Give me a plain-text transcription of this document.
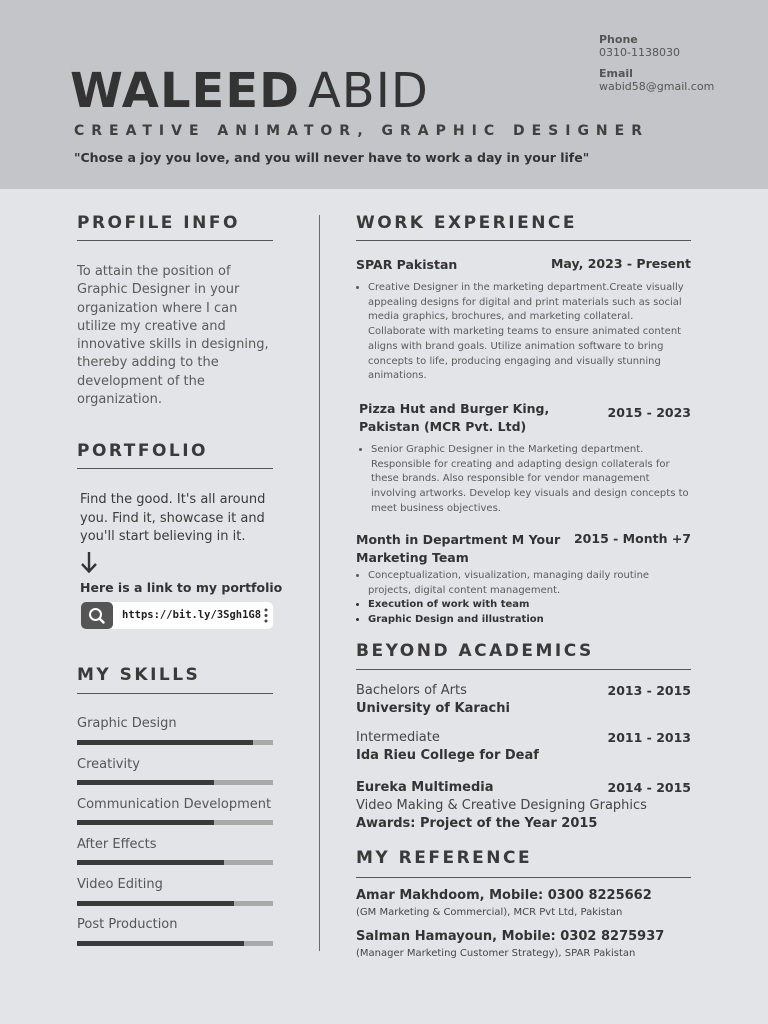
WALEED ABID
CREATIVE ANIMATOR, GRAPHIC DESIGNER
"Chose a joy you love, and you will never have to work a day in your life"
Phone
0310-1138030
Email
wabid58@gmail.com
PROFILE INFO
To attain the position of Graphic Designer in your organization where I can utilize my creative and innovative skills in designing, thereby adding to the development of the organization.
PORTFOLIO
Find the good. It's all around you. Find it, showcase it and you'll start believing in it.
Here is a link to my portfolio
https://bit.ly/3Sgh1G8
MY SKILLS
Graphic Design
Creativity
Communication Development
After Effects
Video Editing
Post Production
WORK EXPERIENCE
SPAR Pakistan	May, 2023 - Present
• Creative Designer in the marketing department.Create visually appealing designs for digital and print materials such as social media graphics, brochures, and marketing collateral. Collaborate with marketing teams to ensure animated content aligns with brand goals. Utilize animation software to bring concepts to life, producing engaging and visually stunning animations.
Pizza Hut and Burger King, Pakistan (MCR Pvt. Ltd)
2015 - 2023
• Senior Graphic Designer in the Marketing department. Responsible for creating and adapting design collaterals for these brands. Also responsible for vendor management involving artworks. Develop key visuals and design concepts to meet business objectives.
Month in Department M Your Marketing Team
2015 - Month +7
• Conceptualization, visualization, managing daily routine projects, digital content management.
• Execution of work with team
• Graphic Design and illustration
BEYOND ACADEMICS
Bachelors of Arts	2013 - 2015
University of Karachi
Intermediate	2011 - 2013
Ida Rieu College for Deaf
Eureka Multimedia	2014 - 2015
Video Making & Creative Designing Graphics
Awards: Project of the Year 2015
MY REFERENCE
Amar Makhdoom, Mobile: 0300 8225662
(GM Marketing & Commercial), MCR Pvt Ltd, Pakistan
Salman Hamayoun, Mobile: 0302 8275937
(Manager Marketing Customer Strategy), SPAR Pakistan
